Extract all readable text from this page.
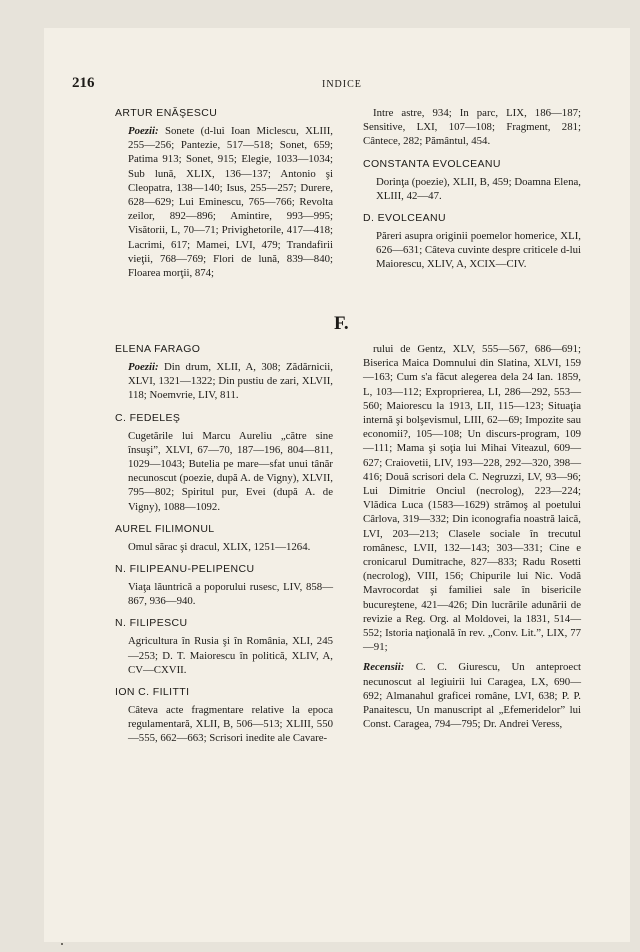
216	INDICE
F.
ARTUR ENĂŞESCU
Poezii: Sonete (d-lui Ioan Miclescu, XLIII, 255—256; Pantezie, 517—518; Sonet, 659; Patima 913; Sonet, 915; Elegie, 1033—1034; Sub lună, XLIX, 136—137; Antonio şi Cleopatra, 138—140; Isus, 255—257; Durere, 628—629; Lui Eminescu, 765—766; Revolta zeilor, 892—896; Amintire, 993—995; Visătorii, L, 70—71; Privighetorile, 417—418; Lacrimi, 617; Mamei, LVI, 479; Trandafirii vieţii, 768—769; Flori de lună, 839—840; Floarea morţii, 874;
Intre astre, 934; In parc, LIX, 186—187; Sensitive, LXI, 107—108; Fragment, 281; Cântece, 282; Pământul, 454.
CONSTANTA EVOLCEANU
Dorinţa (poezie), XLII, B, 459; Doamna Elena, XLIII, 42—47.
D. EVOLCEANU
Păreri asupra originii poemelor homerice, XLI, 626—631; Câteva cuvinte despre criticele d-lui Maiorescu, XLIV, A, XCIX—CIV.
ELENA FARAGO
Poezii: Din drum, XLII, A, 308; Zădărnicii, XLVI, 1321—1322; Din pustiu de zari, XLVII, 118; Noemvrie, LIV, 811.
C. FEDELEŞ
Cugetările lui Marcu Aureliu „către sine însuşi”, XLVI, 67—70, 187—196, 804—811, 1029—1043; Butelia pe mare—sfat unui tânăr necunoscut (poezie, după A. de Vigny), XLVII, 795—802; Spiritul pur, Evei (după A. de Vigny), 1088—1092.
AUREL FILIMONUL
Omul sărac şi dracul, XLIX, 1251—1264.
N. FILIPEANU-PELIPENCU
Viaţa lăuntrică a poporului rusesc, LIV, 858—867, 936—940.
N. FILIPESCU
Agricultura în Rusia şi în România, XLI, 245—253; D. T. Maiorescu în politică, XLIV, A, CV—CXVII.
ION C. FILITTI
Câteva acte fragmentare relative la epoca regulamentară, XLII, B, 506—513; XLIII, 550—555, 662—663; Scrisori inedite ale Cavare-
rului de Gentz, XLV, 555—567, 686—691; Biserica Maica Domnului din Slatina, XLVI, 159—163; Cum s'a făcut alegerea dela 24 Ian. 1859, L, 103—112; Exproprierea, LI, 286—292, 553—560; Maiorescu la 1913, LII, 115—123; Situaţia internă şi bolşevismul, LIII, 62—69; Impozite sau economii?, 105—108; Un discurs-program, 109—111; Mama şi soţia lui Mihai Viteazul, 609—627; Craiovetii, LIV, 193—228, 292—320, 398—416; Două scrisori dela C. Negruzzi, LV, 93—96; Lui Dimitrie Onciul (necrolog), 223—224; Vlădica Luca (1583—1629) strămoş al poetului Cârlova, 319—332; Din iconografia noastră laică, LVI, 203—213; Clasele sociale în trecutul românesc, LVII, 132—143; 303—331; Cine e cronicarul Dumitrache, 827—833; Radu Rosetti (necrolog), VIII, 156; Chipurile lui Nic. Vodă Mavrocordat şi familiei sale în bisericile bucureştene, 421—426; Din lucrările adunării de revizie a Reg. Org. al Moldovei, la 1831, 514—552; Istoria naţională în rev. „Conv. Lit.”, LIX, 77—91;
Recensii: C. C. Giurescu, Un anteproect necunoscut al legiuirii lui Caragea, LX, 690—692; Almanahul graficei române, LVI, 638; P. P. Panaitescu, Un manuscript al „Efemeridelor” lui Const. Caragea, 794—795; Dr. Andrei Veress,
